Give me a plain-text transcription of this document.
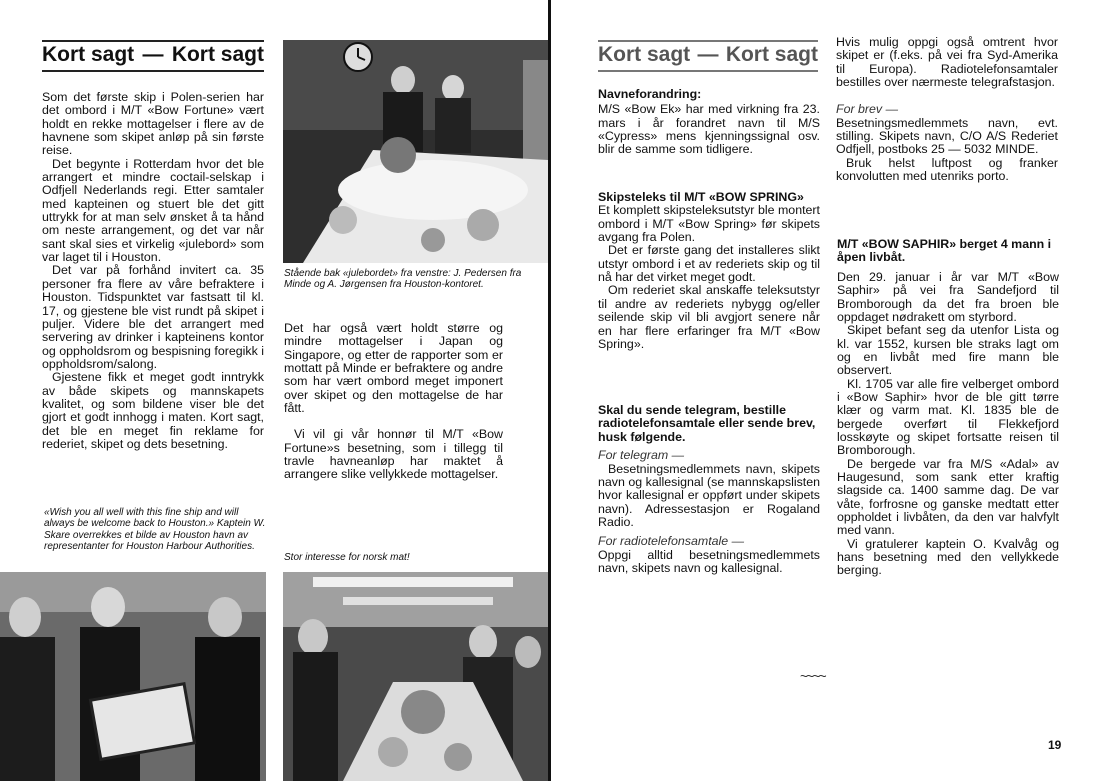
Kort sagt — Kort sagt

Som det første skip i Polen-serien har det ombord i M/T «Bow Fortune» vært holdt en rekke mottagelser i flere av de havnene som skipet anløp på sin første reise.

Det begynte i Rotterdam hvor det ble arrangert et mindre coctail-selskap i Odfjell Nederlands regi. Etter samtaler med kapteinen og stuert ble det gitt uttrykk for at man selv ønsket å ta hånd om neste arrangement, og det var når sant skal sies et virkelig «julebord» som var laget til i Houston.

Det var på forhånd invitert ca. 35 personer fra flere av våre befraktere i Houston. Tidspunktet var fastsatt til kl. 17, og gjestene ble vist rundt på skipet i puljer. Videre ble det arrangert med servering av drinker i kapteinens kontor og oppholdsrom og bespisning foregikk i oppholdsrom/salong.

Gjestene fikk et meget godt inntrykk av både skipets og mannskapets kvalitet, og som bildene viser ble det gjort et godt innhogg i maten. Kort sagt, det ble en meget fin reklame for rederiet, skipet og dets besetning.

«Wish you all well with this fine ship and will always be welcome back to Houston.» Kaptein W. Skare overrekkes et bilde av Houston havn av representanter for Houston Harbour Authorities.

Stående bak «julebordet» fra venstre: J. Pedersen fra Minde og A. Jørgensen fra Houston-kontoret.

Det har også vært holdt større og mindre mottagelser i Japan og Singapore, og etter de rapporter som er mottatt på Minde er befraktere og andre som har vært ombord meget imponert over skipet og den mottagelse de har fått.

Vi vil gi vår honnør til M/T «Bow Fortune»s besetning, som i tillegg til travle havneanløp har maktet å arrangere slike vellykkede mottagelser.

Stor interesse for norsk mat!

Kort sagt — Kort sagt

Navneforandring:

M/S «Bow Ek» har med virkning fra 23. mars i år forandret navn til M/S «Cypress» mens kjenningssignal osv. blir de samme som tidligere.

Skipsteleks til M/T «BOW SPRING»

Et komplett skipsteleksutstyr ble montert ombord i M/T «Bow Spring» før skipets avgang fra Polen.

Det er første gang det installeres slikt utstyr ombord i et av rederiets skip og til nå har det virket meget godt.

Om rederiet skal anskaffe teleksutstyr til andre av rederiets nybygg og/eller seilende skip vil bli avgjort senere når en har flere erfaringer fra M/T «Bow Spring».

Skal du sende telegram, bestille radiotelefonsamtale eller sende brev, husk følgende.

For telegram —

Besetningsmedlemmets navn, skipets navn og kallesignal (se mannskapslisten hvor kallesignal er oppført under skipets navn). Adressestasjon er Rogaland Radio.

For radiotelefonsamtale —

Oppgi alltid besetningsmedlemmets navn, skipets navn og kallesignal.

Hvis mulig oppgi også omtrent hvor skipet er (f.eks. på vei fra Syd-Amerika til Europa). Radiotelefonsamtaler bestilles over nærmeste telegrafstasjon.

For brev —

Besetningsmedlemmets navn, evt. stilling. Skipets navn, C/O A/S Rederiet Odfjell, postboks 25 — 5032 MINDE.

Bruk helst luftpost og franker konvolutten med utenriks porto.

M/T «BOW SAPHIR» berget 4 mann i åpen livbåt.

Den 29. januar i år var M/T «Bow Saphir» på vei fra Sandefjord til Bromborough da det fra broen ble oppdaget nødrakett om styrbord.

Skipet befant seg da utenfor Lista og kl. var 1552, kursen ble straks lagt om og en livbåt med fire mann ble observert.

Kl. 1705 var alle fire velberget ombord i «Bow Saphir» hvor de ble gitt tørre klær og varm mat. Kl. 1835 ble de bergede overført til Flekkefjord losskøyte og skipet fortsatte reisen til Bromborough.

De bergede var fra M/S «Adal» av Haugesund, som sank etter kraftig slagside ca. 1400 samme dag. De var våte, forfrosne og ganske medtatt etter oppholdet i livbåten, da den var halvfylt med vann.

Vi gratulerer kaptein O. Kvalvåg og hans besetning med den vellykkede berging.

~~~~
19
